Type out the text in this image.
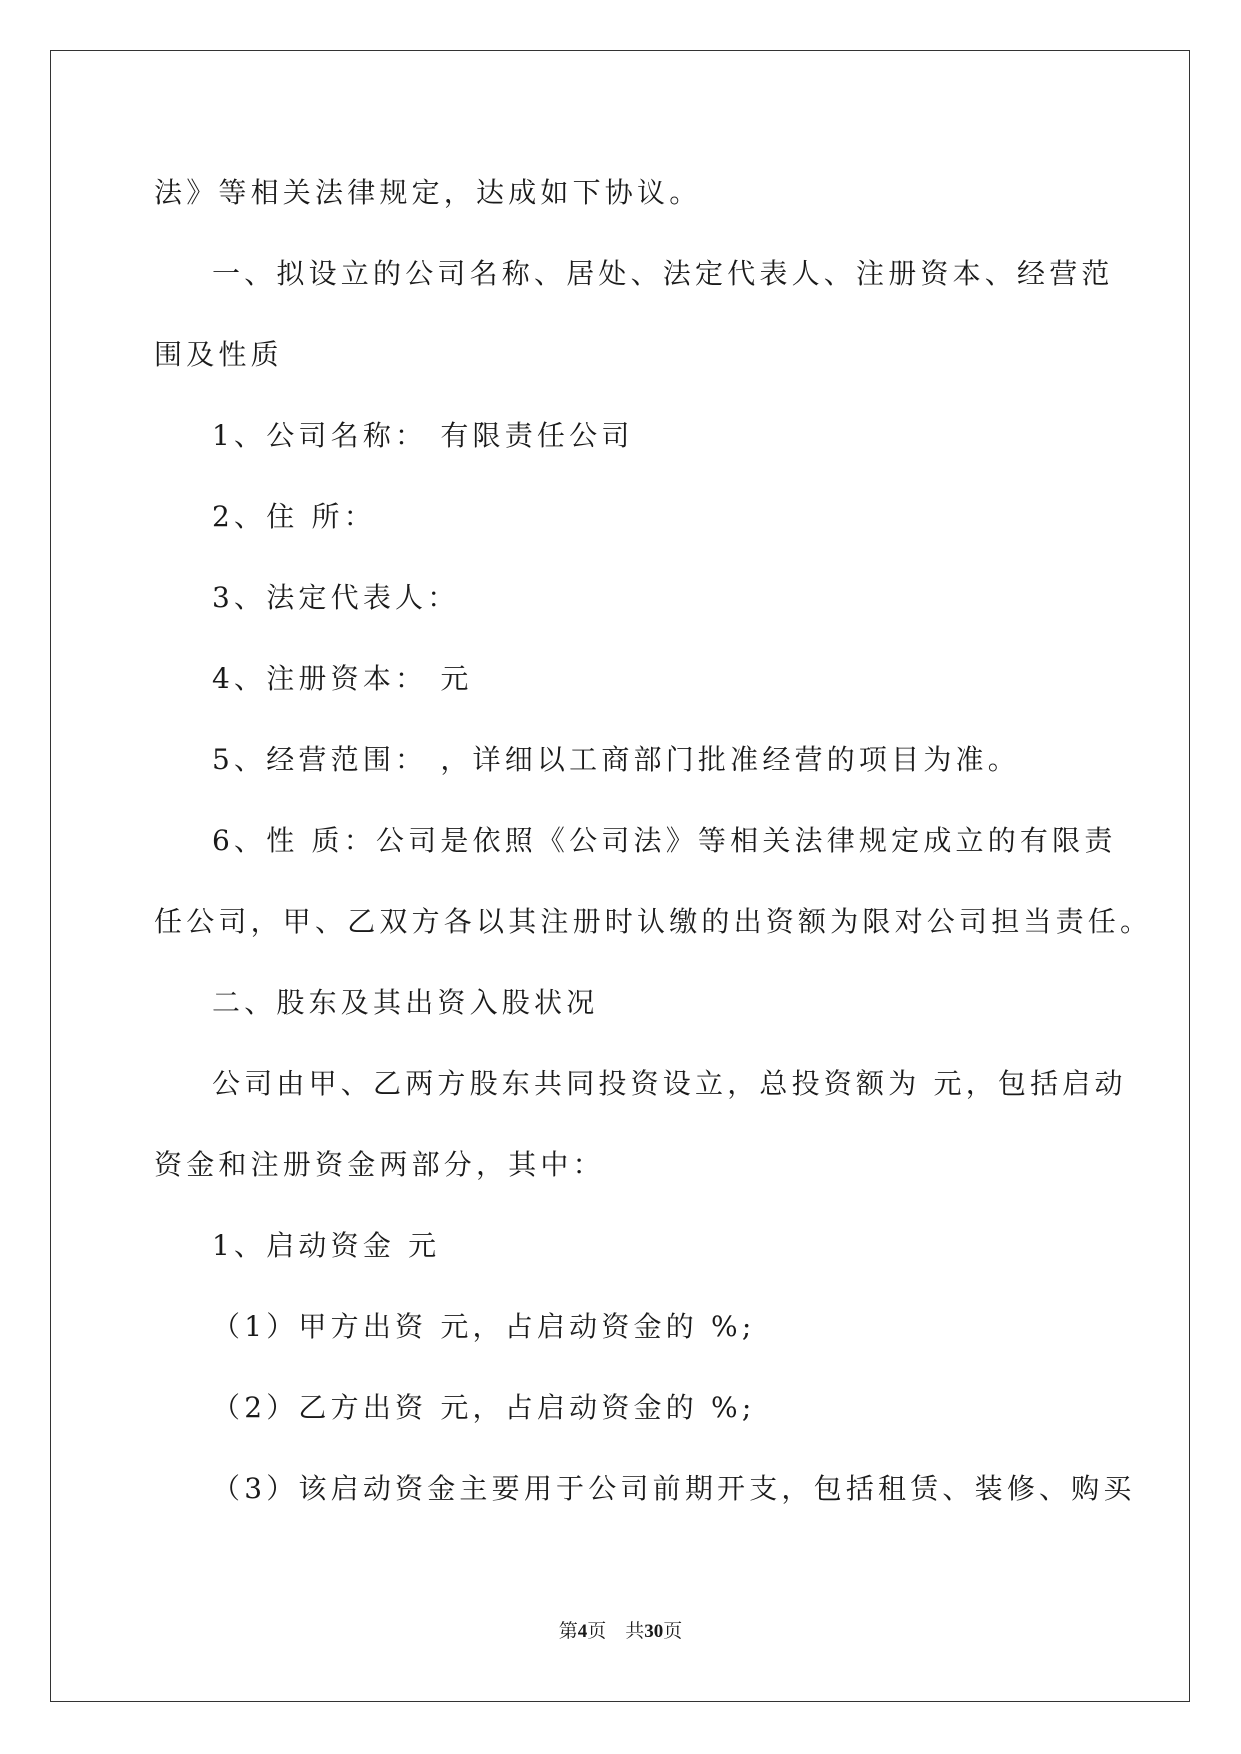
法》等相关法律规定，达成如下协议。
一、拟设立的公司名称、居处、法定代表人、注册资本、经营范
围及性质
1、公司名称： 有限责任公司
2、住 所：
3、法定代表人：
4、注册资本： 元
5、经营范围： ，详细以工商部门批准经营的项目为准。
6、性 质：公司是依照《公司法》等相关法律规定成立的有限责
任公司，甲、乙双方各以其注册时认缴的出资额为限对公司担当责任。
二、股东及其出资入股状况
公司由甲、乙两方股东共同投资设立，总投资额为 元，包括启动
资金和注册资金两部分，其中：
1、启动资金 元
（1）甲方出资 元，占启动资金的 %;
（2）乙方出资 元，占启动资金的 %;
（3）该启动资金主要用于公司前期开支，包括租赁、装修、购买
第4页　共30页
